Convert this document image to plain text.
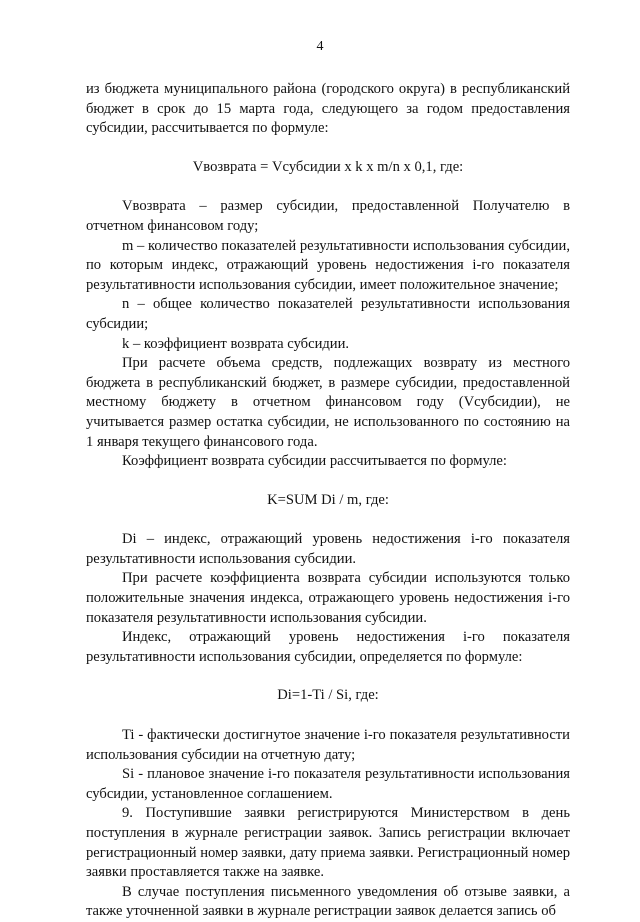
4

из бюджета муниципального района (городского округа) в республиканский бюджет в срок до 15 марта года, следующего за годом предоставления субсидии, рассчитывается по формуле:

Vвозврата = Vсубсидии х k х m/n х 0,1, где:

Vвозврата – размер субсидии, предоставленной Получателю в отчетном финансовом году;

m – количество показателей результативности использования субсидии, по которым индекс, отражающий уровень недостижения i-го показателя результативности использования субсидии, имеет положительное значение;

n – общее количество показателей результативности использования субсидии;

k – коэффициент возврата субсидии.

При расчете объема средств, подлежащих возврату из местного бюджета в республиканский бюджет, в размере субсидии, предоставленной местному бюджету в отчетном финансовом году (Vсубсидии), не учитывается размер остатка субсидии, не использованного по состоянию на 1 января текущего финансового года.

Коэффициент возврата субсидии рассчитывается по формуле:

K=SUM Di / m, где:

Di – индекс, отражающий уровень недостижения i-го показателя результативности использования субсидии.

При расчете коэффициента возврата субсидии используются только положительные значения индекса, отражающего уровень недостижения i-го показателя результативности использования субсидии.

Индекс, отражающий уровень недостижения i-го показателя результативности использования субсидии, определяется по формуле:

Di=1-Ti / Si, где:

Ti - фактически достигнутое значение i-го показателя результативности использования субсидии на отчетную дату;

Si - плановое значение i-го показателя результативности использования субсидии, установленное соглашением.

9. Поступившие заявки регистрируются Министерством в день поступления в журнале регистрации заявок. Запись регистрации включает регистрационный номер заявки, дату приема заявки. Регистрационный номер заявки проставляется также на заявке.

В случае поступления письменного уведомления об отзыве заявки, а также уточненной заявки в журнале регистрации заявок делается запись об
